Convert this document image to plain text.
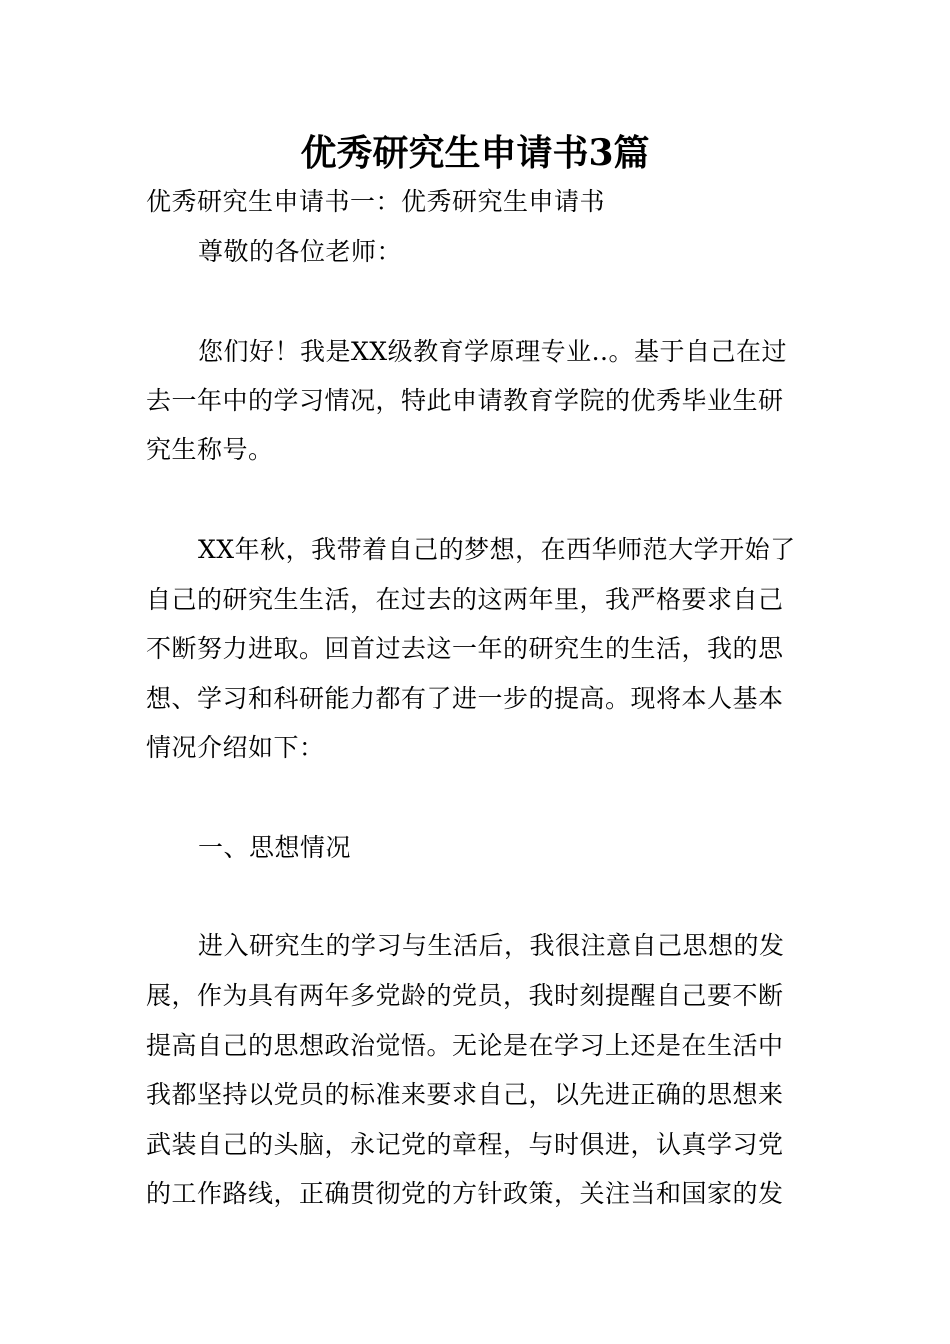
优秀研究生申请书3篇
优秀研究生申请书一：优秀研究生申请书
尊敬的各位老师：
您们好！我是XX级教育学原理专业..。基于自己在过
去一年中的学习情况，特此申请教育学院的优秀毕业生研
究生称号。
XX年秋，我带着自己的梦想，在西华师范大学开始了
自己的研究生生活，在过去的这两年里，我严格要求自己
不断努力进取。回首过去这一年的研究生的生活，我的思
想、学习和科研能力都有了进一步的提高。现将本人基本
情况介绍如下：
一、思想情况
进入研究生的学习与生活后，我很注意自己思想的发
展，作为具有两年多党龄的党员，我时刻提醒自己要不断
提高自己的思想政治觉悟。无论是在学习上还是在生活中
我都坚持以党员的标准来要求自己，以先进正确的思想来
武装自己的头脑，永记党的章程，与时俱进，认真学习党
的工作路线，正确贯彻党的方针政策，关注当和国家的发
